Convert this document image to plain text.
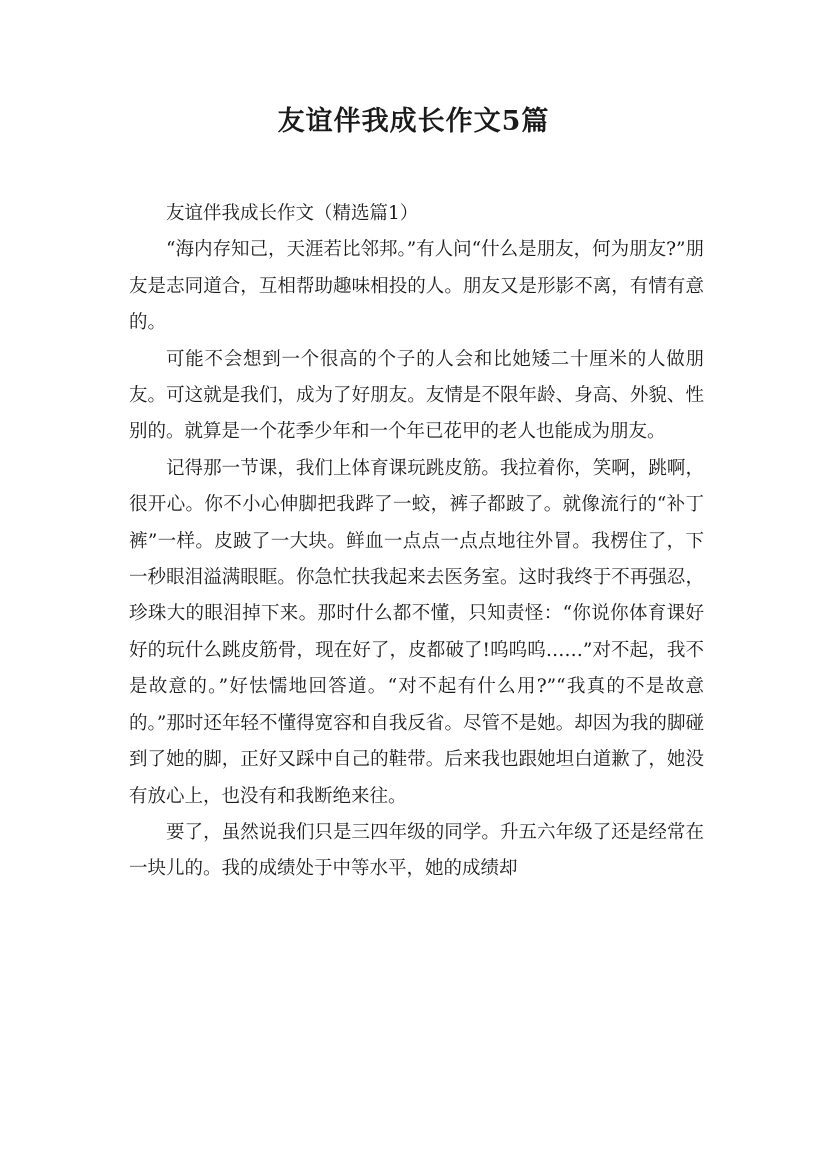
友谊伴我成长作文5篇

友谊伴我成长作文（精选篇1）

“海内存知己，天涯若比邻邦。”有人问“什么是朋友，何为朋友?”朋友是志同道合，互相帮助趣味相投的人。朋友又是形影不离，有情有意的。

可能不会想到一个很高的个子的人会和比她矮二十厘米的人做朋友。可这就是我们，成为了好朋友。友情是不限年龄、身高、外貌、性别的。就算是一个花季少年和一个年已花甲的老人也能成为朋友。

记得那一节课，我们上体育课玩跳皮筋。我拉着你，笑啊，跳啊，很开心。你不小心伸脚把我跸了一蛟，裤子都跛了。就像流行的“补丁裤”一样。皮跛了一大块。鲜血一点点一点点地往外冒。我楞住了，下一秒眼泪溢满眼眶。你急忙扶我起来去医务室。这时我终于不再强忍，珍珠大的眼泪掉下来。那时什么都不懂，只知责怪：“你说你体育课好好的玩什么跳皮筋骨，现在好了，皮都破了!呜呜呜……”对不起，我不是故意的。”好怯懦地回答道。“对不起有什么用?”“我真的不是故意的。”那时还年轻不懂得宽容和自我反省。尽管不是她。却因为我的脚碰到了她的脚，正好又踩中自己的鞋带。后来我也跟她坦白道歉了，她没有放心上，也没有和我断绝来往。

要了，虽然说我们只是三四年级的同学。升五六年级了还是经常在一块儿的。我的成绩处于中等水平，她的成绩却
